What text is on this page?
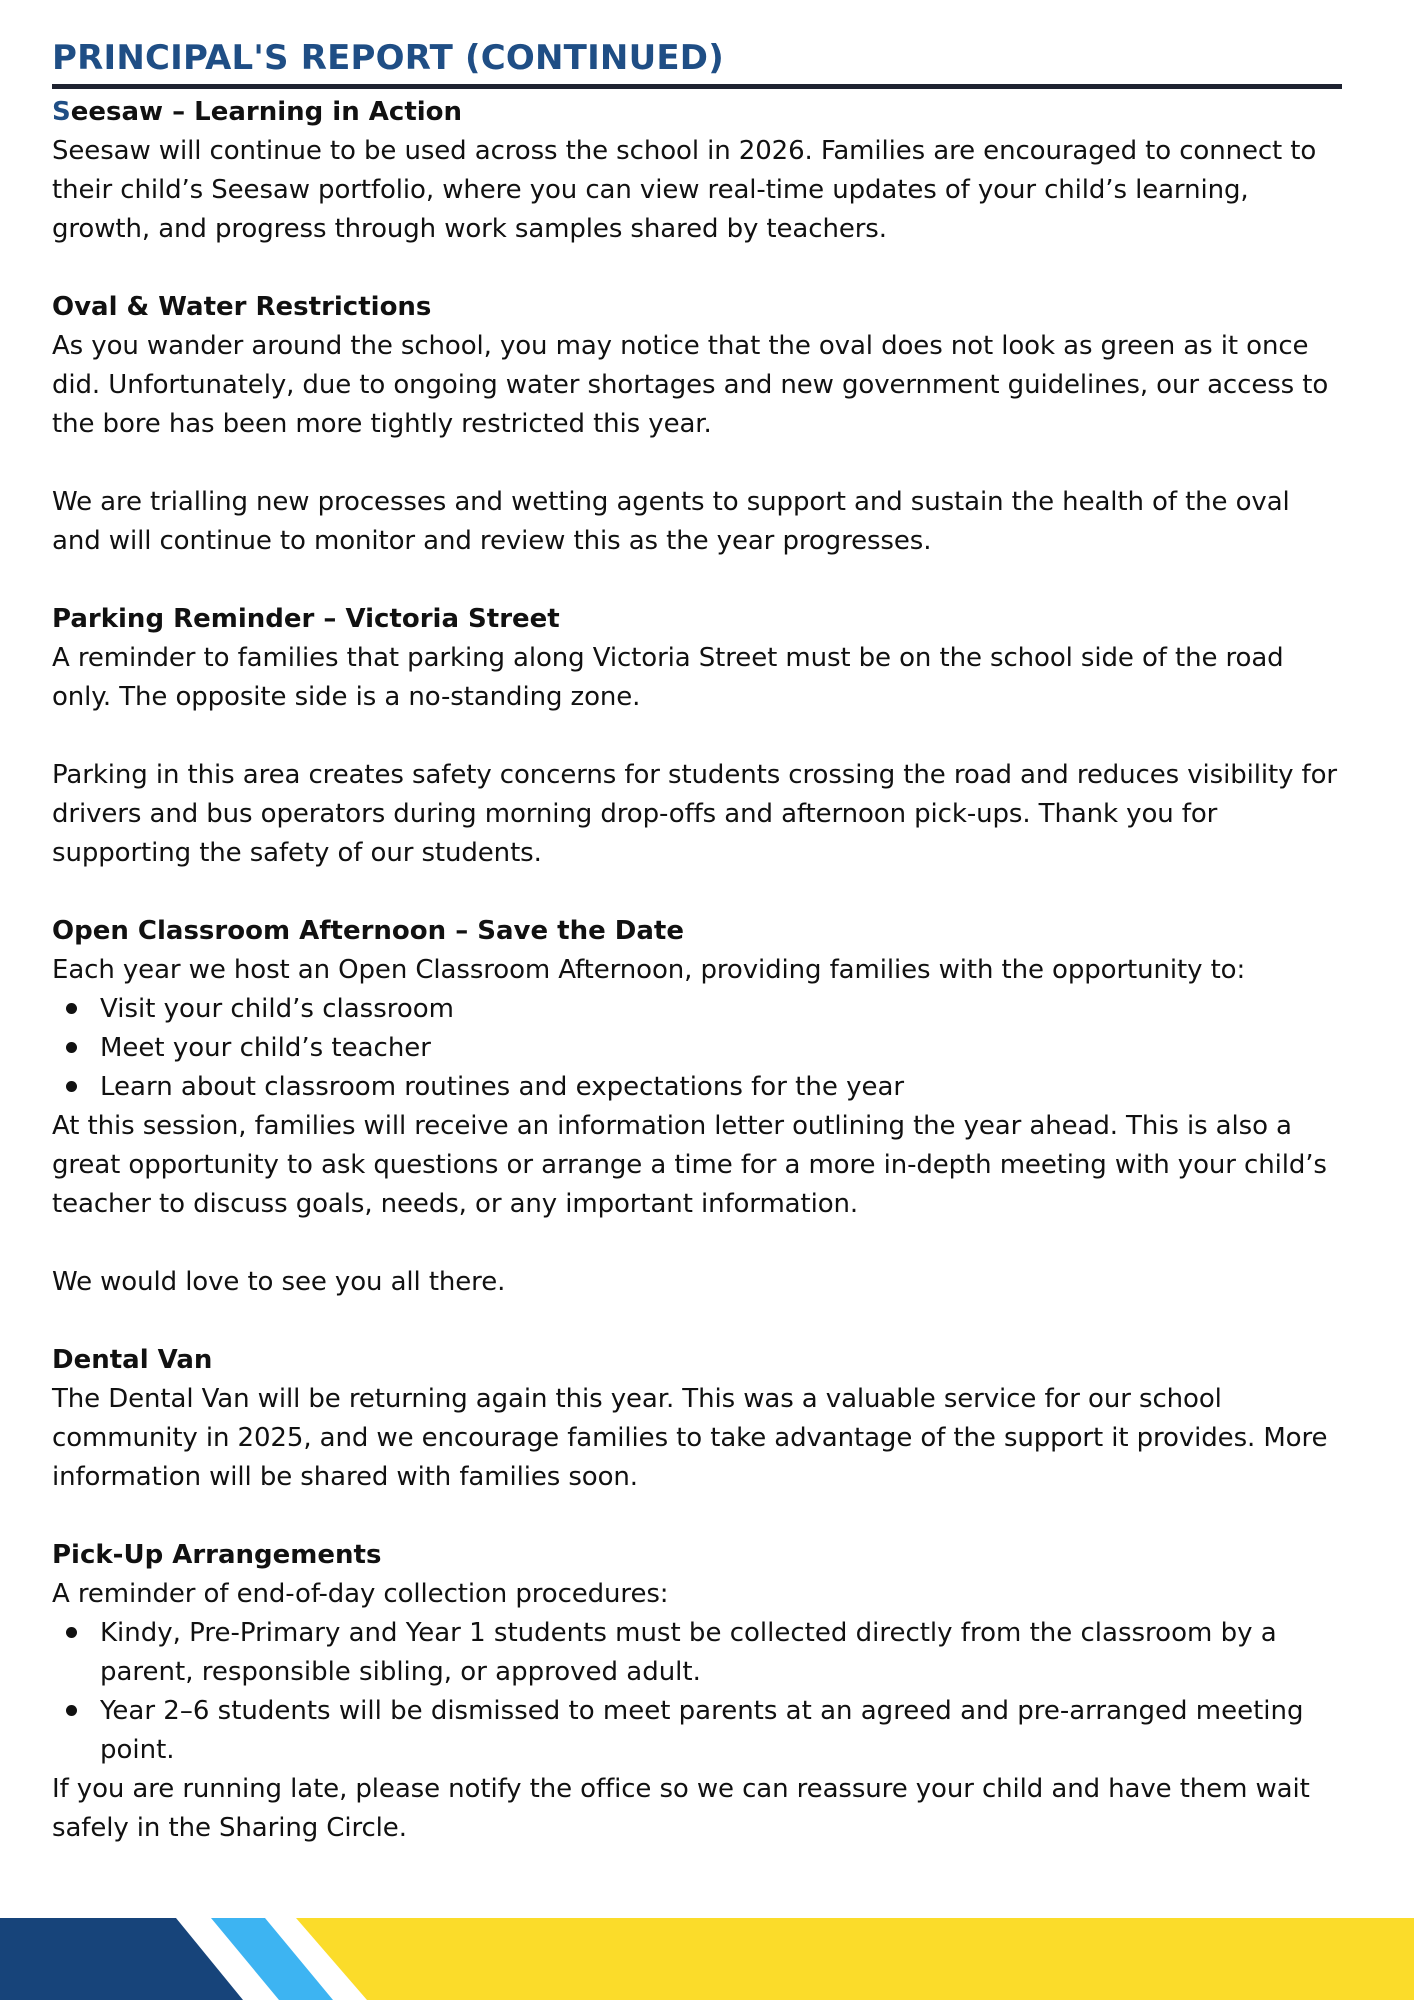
PRINCIPAL'S REPORT (CONTINUED)
Seesaw – Learning in Action

Seesaw will continue to be used across the school in 2026. Families are encouraged to connect to their child’s Seesaw portfolio, where you can view real-time updates of your child’s learning, growth, and progress through work samples shared by teachers.

Oval & Water Restrictions

As you wander around the school, you may notice that the oval does not look as green as it once did. Unfortunately, due to ongoing water shortages and new government guidelines, our access to the bore has been more tightly restricted this year.

We are trialling new processes and wetting agents to support and sustain the health of the oval and will continue to monitor and review this as the year progresses.

Parking Reminder – Victoria Street

A reminder to families that parking along Victoria Street must be on the school side of the road only. The opposite side is a no-standing zone.

Parking in this area creates safety concerns for students crossing the road and reduces visibility for drivers and bus operators during morning drop-offs and afternoon pick-ups. Thank you for supporting the safety of our students.

Open Classroom Afternoon – Save the Date

Each year we host an Open Classroom Afternoon, providing families with the opportunity to:

Visit your child’s classroom
Meet your child’s teacher
Learn about classroom routines and expectations for the year

At this session, families will receive an information letter outlining the year ahead. This is also a great opportunity to ask questions or arrange a time for a more in-depth meeting with your child’s teacher to discuss goals, needs, or any important information.

We would love to see you all there.

Dental Van

The Dental Van will be returning again this year. This was a valuable service for our school community in 2025, and we encourage families to take advantage of the support it provides. More information will be shared with families soon.

Pick-Up Arrangements

A reminder of end-of-day collection procedures:

Kindy, Pre-Primary and Year 1 students must be collected directly from the classroom by a parent, responsible sibling, or approved adult.
Year 2–6 students will be dismissed to meet parents at an agreed and pre-arranged meeting point.

If you are running late, please notify the office so we can reassure your child and have them wait safely in the Sharing Circle.
